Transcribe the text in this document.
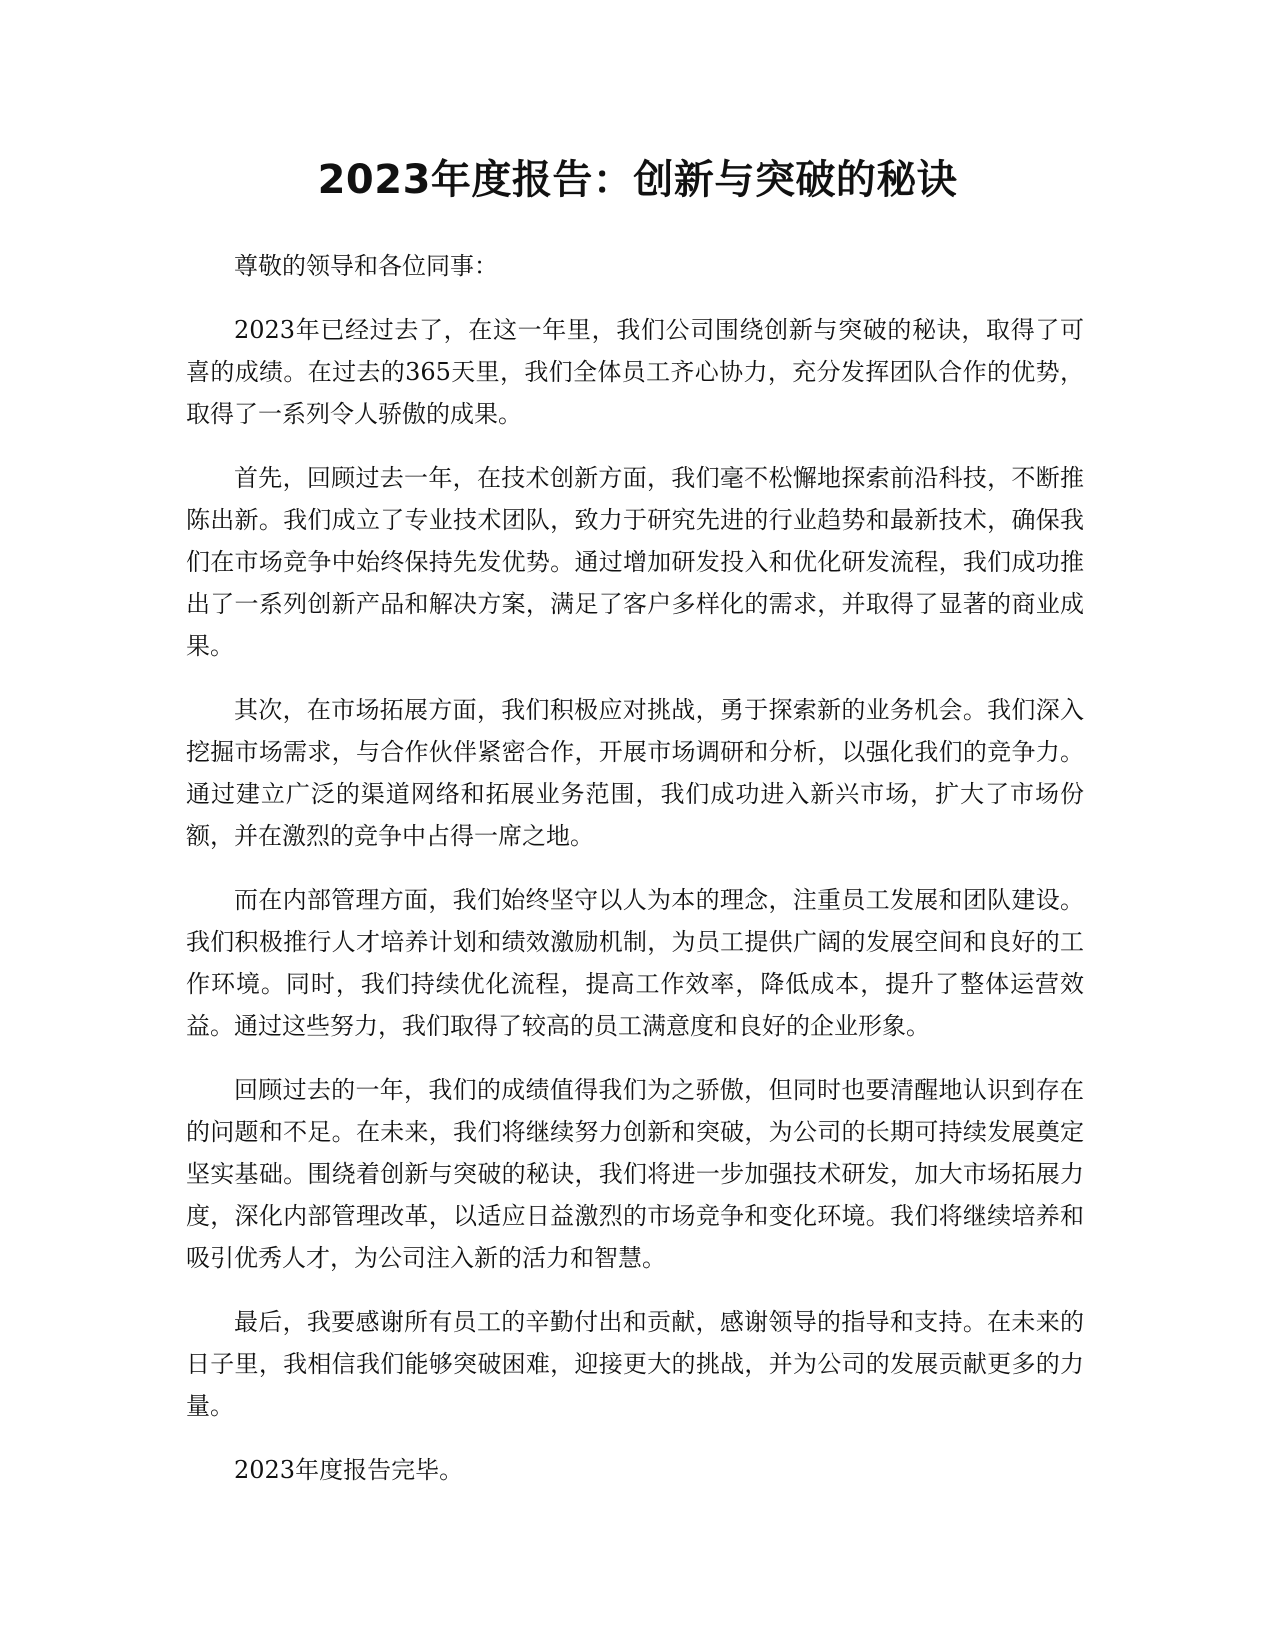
2023年度报告：创新与突破的秘诀

尊敬的领导和各位同事：

2023年已经过去了，在这一年里，我们公司围绕创新与突破的秘诀，取得了可喜的成绩。在过去的365天里，我们全体员工齐心协力，充分发挥团队合作的优势，取得了一系列令人骄傲的成果。

首先，回顾过去一年，在技术创新方面，我们毫不松懈地探索前沿科技，不断推陈出新。我们成立了专业技术团队，致力于研究先进的行业趋势和最新技术，确保我们在市场竞争中始终保持先发优势。通过增加研发投入和优化研发流程，我们成功推出了一系列创新产品和解决方案，满足了客户多样化的需求，并取得了显著的商业成果。

其次，在市场拓展方面，我们积极应对挑战，勇于探索新的业务机会。我们深入挖掘市场需求，与合作伙伴紧密合作，开展市场调研和分析，以强化我们的竞争力。通过建立广泛的渠道网络和拓展业务范围，我们成功进入新兴市场，扩大了市场份额，并在激烈的竞争中占得一席之地。

而在内部管理方面，我们始终坚守以人为本的理念，注重员工发展和团队建设。我们积极推行人才培养计划和绩效激励机制，为员工提供广阔的发展空间和良好的工作环境。同时，我们持续优化流程，提高工作效率，降低成本，提升了整体运营效益。通过这些努力，我们取得了较高的员工满意度和良好的企业形象。

回顾过去的一年，我们的成绩值得我们为之骄傲，但同时也要清醒地认识到存在的问题和不足。在未来，我们将继续努力创新和突破，为公司的长期可持续发展奠定坚实基础。围绕着创新与突破的秘诀，我们将进一步加强技术研发，加大市场拓展力度，深化内部管理改革，以适应日益激烈的市场竞争和变化环境。我们将继续培养和吸引优秀人才，为公司注入新的活力和智慧。

最后，我要感谢所有员工的辛勤付出和贡献，感谢领导的指导和支持。在未来的日子里，我相信我们能够突破困难，迎接更大的挑战，并为公司的发展贡献更多的力量。

2023年度报告完毕。
